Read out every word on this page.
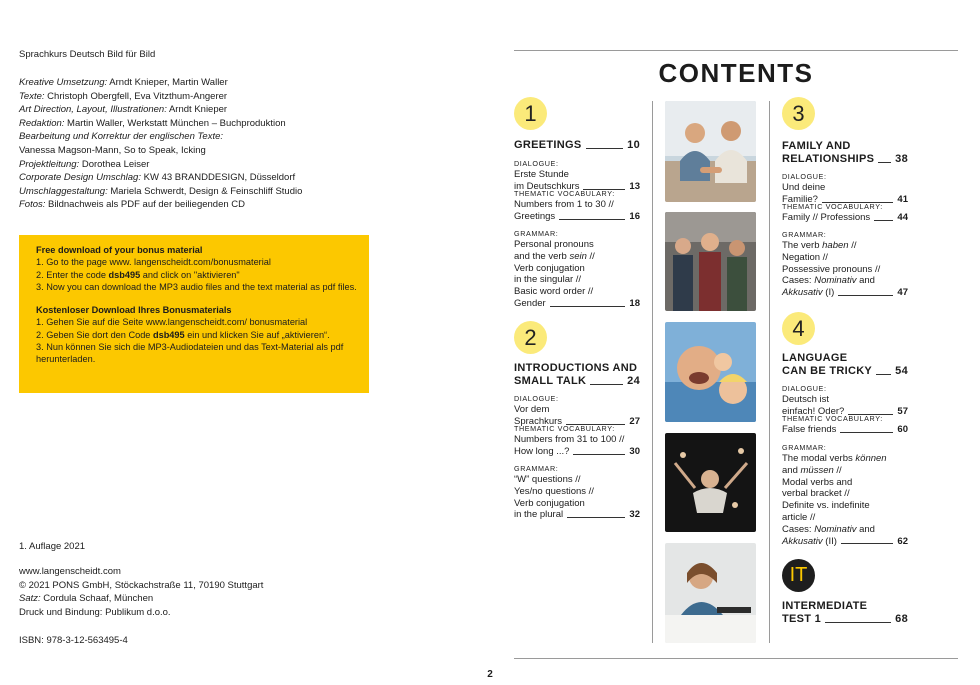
Sprachkurs Deutsch Bild für Bild
Kreative Umsetzung: Arndt Knieper, Martin Waller
Texte: Christoph Obergfell, Eva Vitzthum-Angerer
Art Direction, Layout, Illustrationen: Arndt Knieper
Redaktion: Martin Waller, Werkstatt München – Buchproduktion
Bearbeitung und Korrektur der englischen Texte:
Vanessa Magson-Mann, So to Speak, Icking
Projektleitung: Dorothea Leiser
Corporate Design Umschlag: KW 43 BRANDDESIGN, Düsseldorf
Umschlaggestaltung: Mariela Schwerdt, Design & Feinschliff Studio
Fotos: Bildnachweis als PDF auf der beiliegenden CD
Free download of your bonus material
1. Go to the page www. langenscheidt.com/bonusmaterial
2. Enter the code dsb495 and click on "aktivieren"
3. Now you can download the MP3 audio files and the text material as pdf files.
Kostenloser Download Ihres Bonusmaterials
1. Gehen Sie auf die Seite www.langenscheidt.com/ bonusmaterial
2. Geben Sie dort den Code dsb495 ein und klicken Sie auf „aktivieren“.
3. Nun können Sie sich die MP3-Audiodateien und das Text-Material als pdf
herunterladen.
1. Auflage 2021
www.langenscheidt.com
© 2021 PONS GmbH, Stöckachstraße 11, 70190 Stuttgart
Satz: Cordula Schaaf, München
Druck und Bindung: Publikum d.o.o.
ISBN: 978-3-12-563495-4
CONTENTS
1
GREETINGS	10
DIALOGUE:
Erste Stunde
im Deutschkurs	13
THEMATIC VOCABULARY:
Numbers from 1 to 30 //
Greetings	16
GRAMMAR:
Personal pronouns
and the verb sein //
Verb conjugation
in the singular //
Basic word order //
Gender	18
2
INTRODUCTIONS AND
SMALL TALK	24
DIALOGUE:
Vor dem
Sprachkurs	27
THEMATIC VOCABULARY:
Numbers from 31 to 100 //
How long ...?	30
GRAMMAR:
“W” questions //
Yes/no questions //
Verb conjugation
in the plural	32
3
FAMILY AND
RELATIONSHIPS 38
DIALOGUE:
Und deine
Familie?	41
THEMATIC VOCABULARY:
Family // Professions	44
GRAMMAR:
The verb haben //
Negation //
Possessive pronouns //
Cases: Nominativ and
Akkusativ (I)	47
4
LANGUAGE
CAN BE TRICKY 54
DIALOGUE:
Deutsch ist
einfach! Oder?	57
THEMATIC VOCABULARY:
False friends	60
GRAMMAR:
The modal verbs können
and müssen //
Modal verbs and
verbal bracket //
Definite vs. indefinite
article //
Cases: Nominativ and
Akkusativ (II)	62
IT
INTERMEDIATE
TEST 1	68
2
